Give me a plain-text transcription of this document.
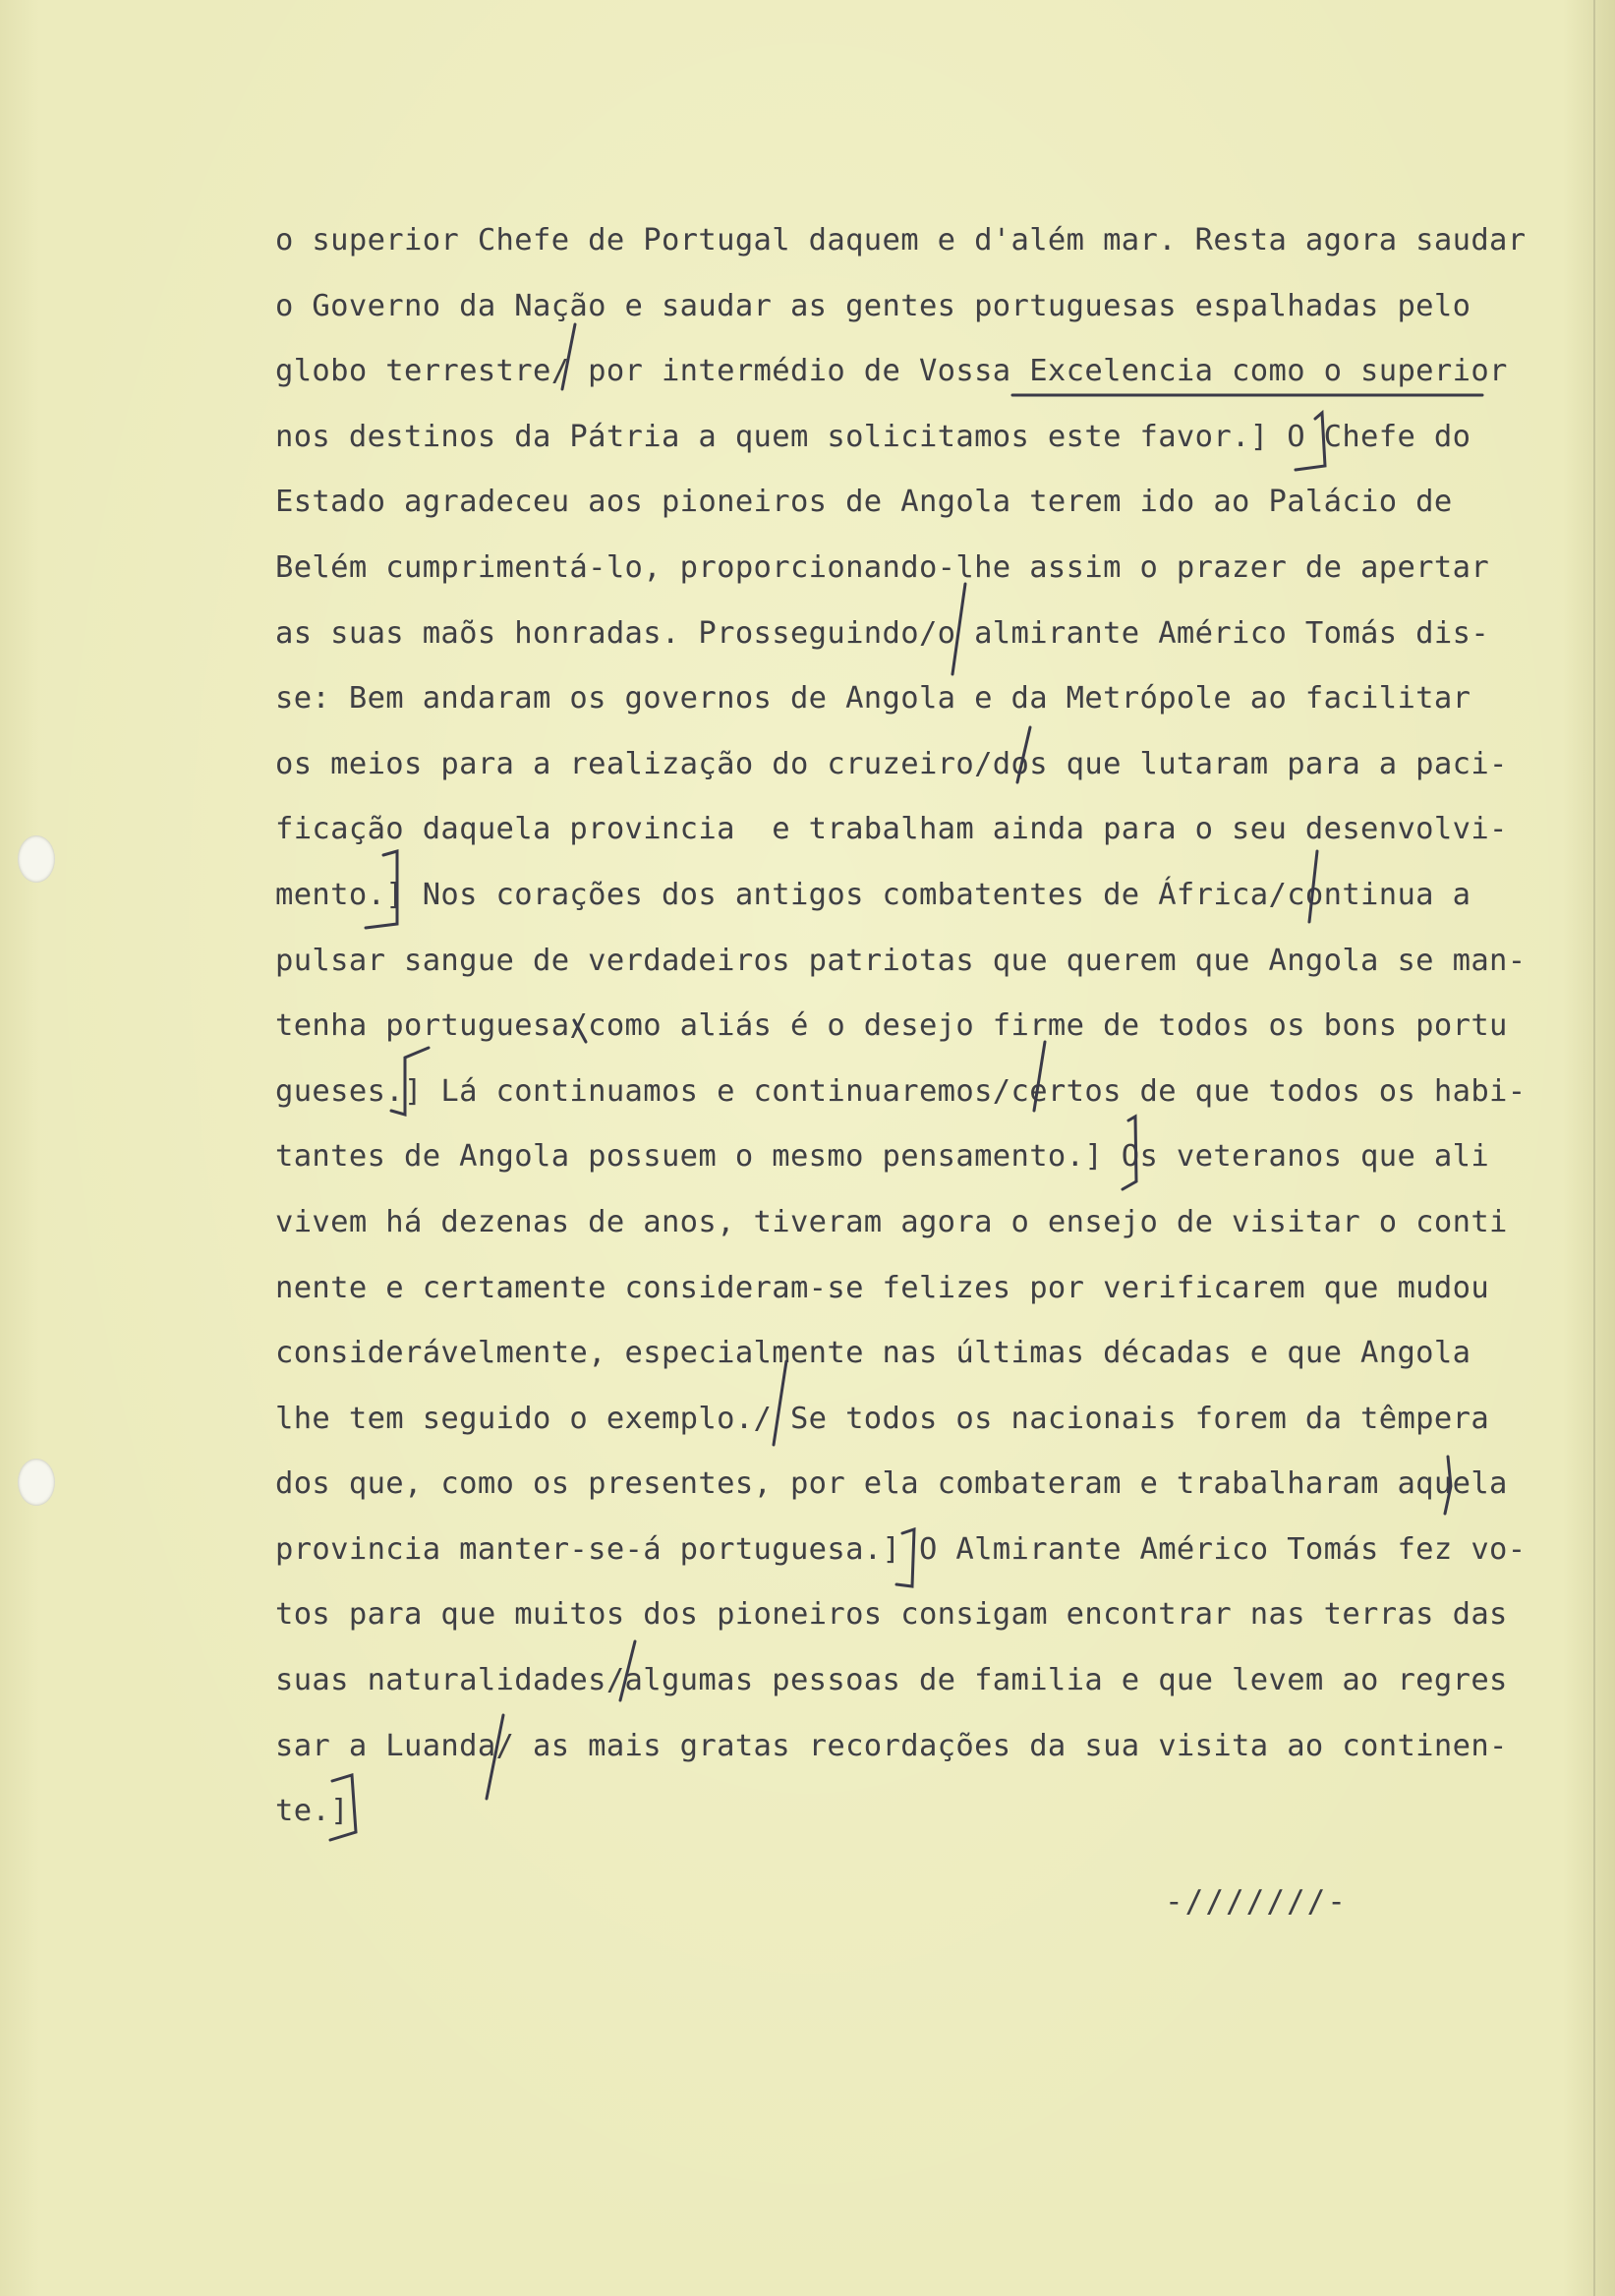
o superior Chefe de Portugal daquem e d'além mar. Resta agora saudar
o Governo da Nação e saudar as gentes portuguesas espalhadas pelo
globo terrestre/ por intermédio de Vossa Excelencia como o superior
nos destinos da Pátria a quem solicitamos este favor.] O Chefe do
Estado agradeceu aos pioneiros de Angola terem ido ao Palácio de
Belém cumprimentá-lo, proporcionando-lhe assim o prazer de apertar
as suas maõs honradas. Prosseguindo/o almirante Américo Tomás dis-
se: Bem andaram os governos de Angola e da Metrópole ao facilitar
os meios para a realização do cruzeiro/dos que lutaram para a paci-
ficação daquela provincia  e trabalham ainda para o seu desenvolvi-
mento.] Nos corações dos antigos combatentes de África/continua a
pulsar sangue de verdadeiros patriotas que querem que Angola se man-
tenha portuguesa/como aliás é o desejo firme de todos os bons portu
gueses.] Lá continuamos e continuaremos/certos de que todos os habi-
tantes de Angola possuem o mesmo pensamento.] Os veteranos que ali
vivem há dezenas de anos, tiveram agora o ensejo de visitar o conti
nente e certamente consideram-se felizes por verificarem que mudou
considerávelmente, especialmente nas últimas décadas e que Angola
lhe tem seguido o exemplo./ Se todos os nacionais forem da têmpera
dos que, como os presentes, por ela combateram e trabalharam aquela
provincia manter-se-á portuguesa.] O Almirante Américo Tomás fez vo-
tos para que muitos dos pioneiros consigam encontrar nas terras das
suas naturalidades/algumas pessoas de familia e que levem ao regres
sar a Luanda/ as mais gratas recordações da sua visita ao continen-
te.]
-///////-
